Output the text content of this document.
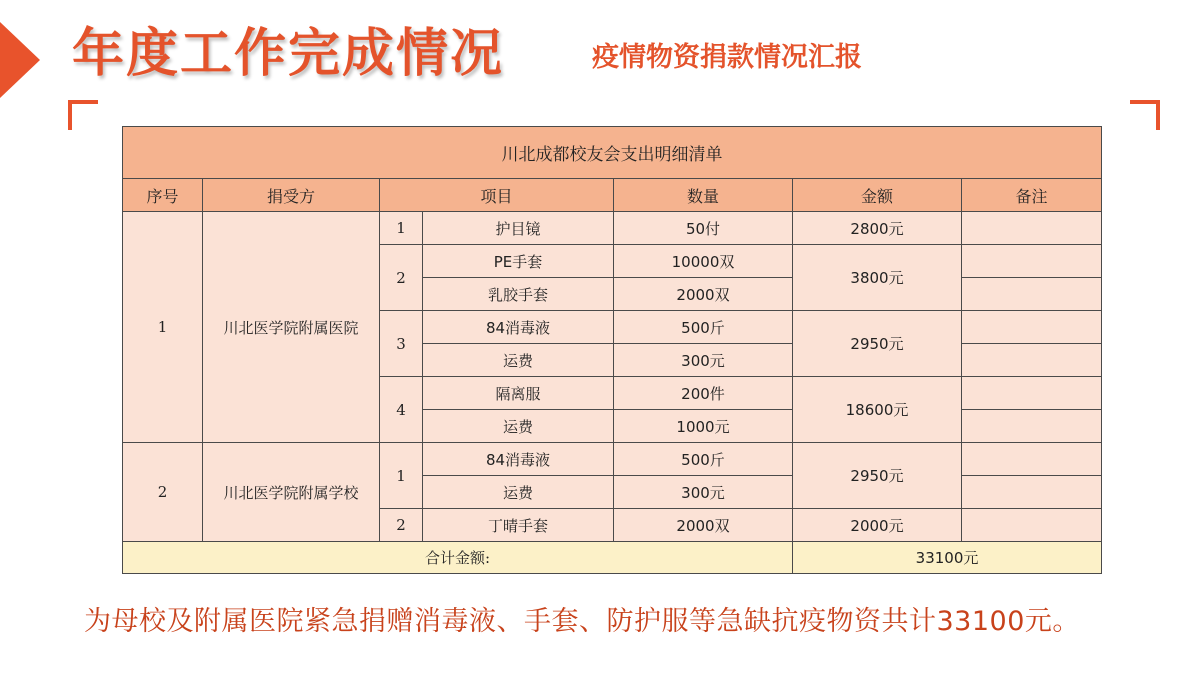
年度工作完成情况	疫情物资捐款情况汇报
川北成都校友会支出明细清单						
序号	捐受方	项目		数量	金额	备注
1	川北医学院附属医院	1	护目镜	50付	2800元	
		2	PE手套	10000双	3800元	
			乳胶手套	2000双		
		3	84消毒液	500斤	2950元	
			运费	300元		
		4	隔离服	200件	18600元	
			运费	1000元		
2	川北医学院附属学校	1	84消毒液	500斤	2950元	
			运费	300元		
		2	丁晴手套	2000双	2000元	
合计金额:					33100元	
为母校及附属医院紧急捐赠消毒液、手套、防护服等急缺抗疫物资共计33100元。
